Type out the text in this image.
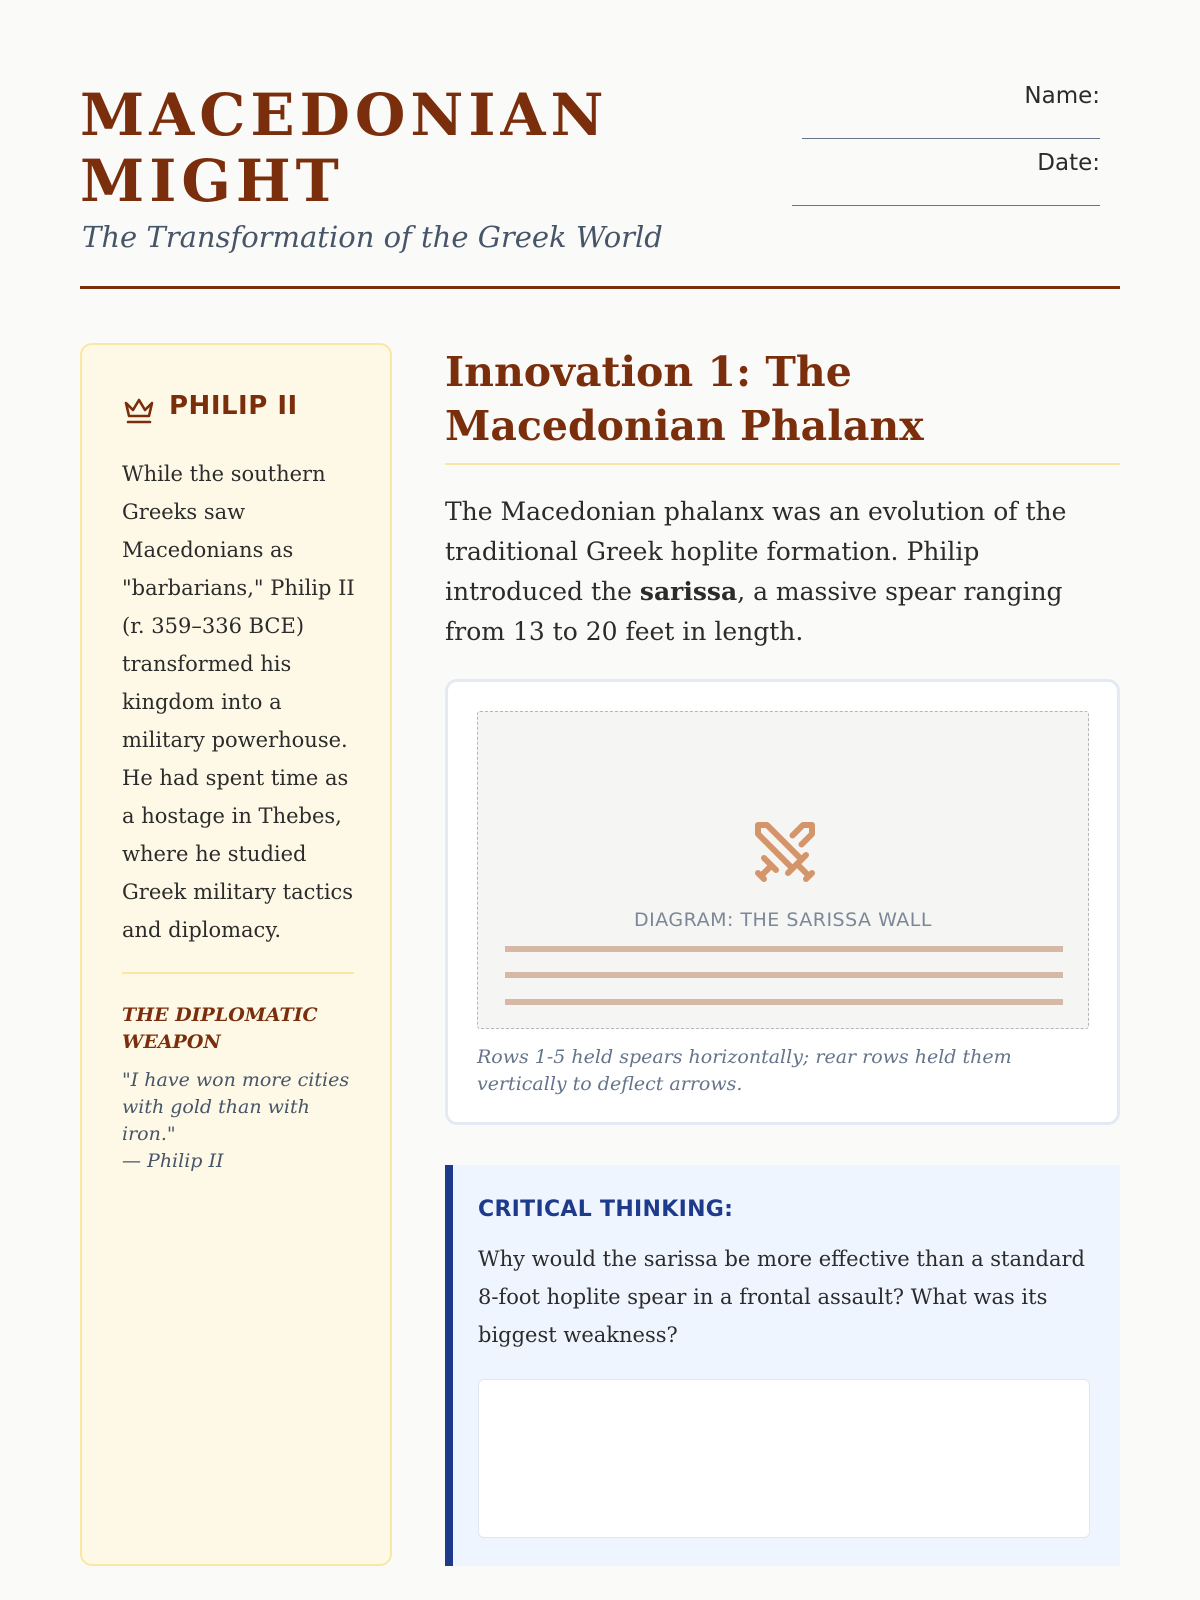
MACEDONIAN MIGHT

The Transformation of the Greek World

Name:
Date:
PHILIP II

While the southern Greeks saw Macedonians as "barbarians," Philip II (r. 359–336 BCE) transformed his kingdom into a military powerhouse. He had spent time as a hostage in Thebes, where he studied Greek military tactics and diplomacy.

THE DIPLOMATIC WEAPON

"I have won more cities with gold than with iron."
— Philip II

Innovation 1: The Macedonian Phalanx

The Macedonian phalanx was an evolution of the traditional Greek hoplite formation. Philip introduced the sarissa, a massive spear ranging from 13 to 20 feet in length.

DIAGRAM: THE SARISSA WALL

Rows 1-5 held spears horizontally; rear rows held them vertically to deflect arrows.

CRITICAL THINKING:

Why would the sarissa be more effective than a standard 8-foot hoplite spear in a frontal assault? What was its biggest weakness?
